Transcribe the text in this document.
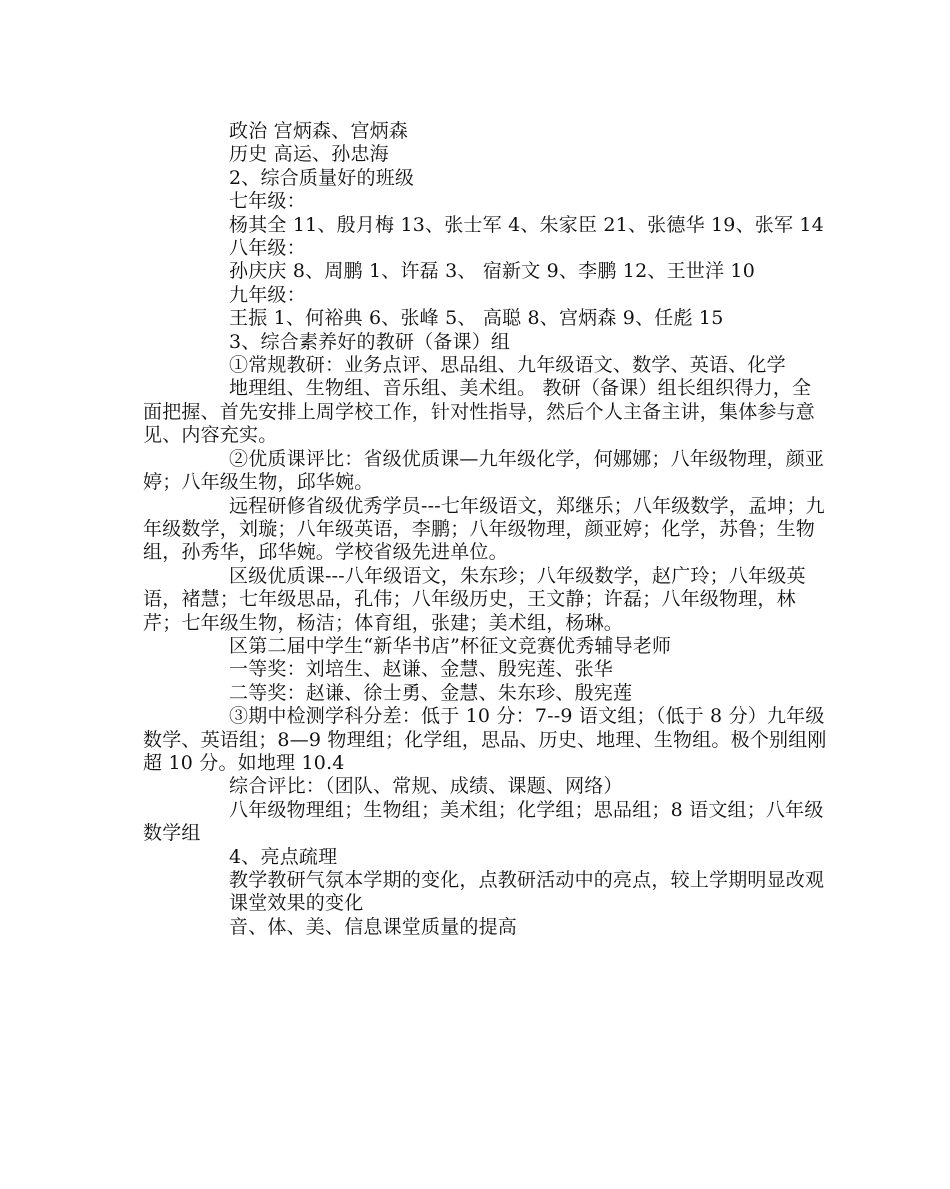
政治 宫炳森、宫炳森

历史 高运、孙忠海

2、综合质量好的班级

七年级：

杨其全 11、殷月梅 13、张士军 4、朱家臣 21、张德华 19、张军 14

八年级：

孙庆庆 8、周鹏 1、许磊 3、 宿新文 9、李鹏 12、王世洋 10

九年级：

王振 1、何裕典 6、张峰 5、 高聪 8、宫炳森 9、任彪 15

3、综合素养好的教研（备课）组

①常规教研：业务点评、思品组、九年级语文、数学、英语、化学

地理组、生物组、音乐组、美术组。 教研（备课）组长组织得力，全面把握、首先安排上周学校工作，针对性指导，然后个人主备主讲，集体参与意见、内容充实。

②优质课评比：省级优质课—九年级化学，何娜娜；八年级物理，颜亚婷；八年级生物，邱华婉。

远程研修省级优秀学员---七年级语文，郑继乐；八年级数学，孟坤；九年级数学，刘璇；八年级英语，李鹏；八年级物理，颜亚婷；化学，苏鲁；生物组，孙秀华，邱华婉。学校省级先进单位。

区级优质课---八年级语文，朱东珍；八年级数学，赵广玲；八年级英语，褚慧；七年级思品，孔伟；八年级历史，王文静；许磊；八年级物理，林芹；七年级生物，杨洁；体育组，张建；美术组，杨琳。

区第二届中学生“新华书店”杯征文竞赛优秀辅导老师

一等奖：刘培生、赵谦、金慧、殷宪莲、张华

二等奖：赵谦、徐士勇、金慧、朱东珍、殷宪莲

③期中检测学科分差：低于 10 分：7--9 语文组；（低于 8 分）九年级数学、英语组；8—9 物理组；化学组，思品、历史、地理、生物组。极个别组刚超 10 分。如地理 10.4

综合评比：（团队、常规、成绩、课题、网络）

八年级物理组；生物组；美术组；化学组；思品组；8 语文组；八年级数学组

4、亮点疏理

教学教研气氛本学期的变化，点教研活动中的亮点，较上学期明显改观

课堂效果的变化

音、体、美、信息课堂质量的提高
